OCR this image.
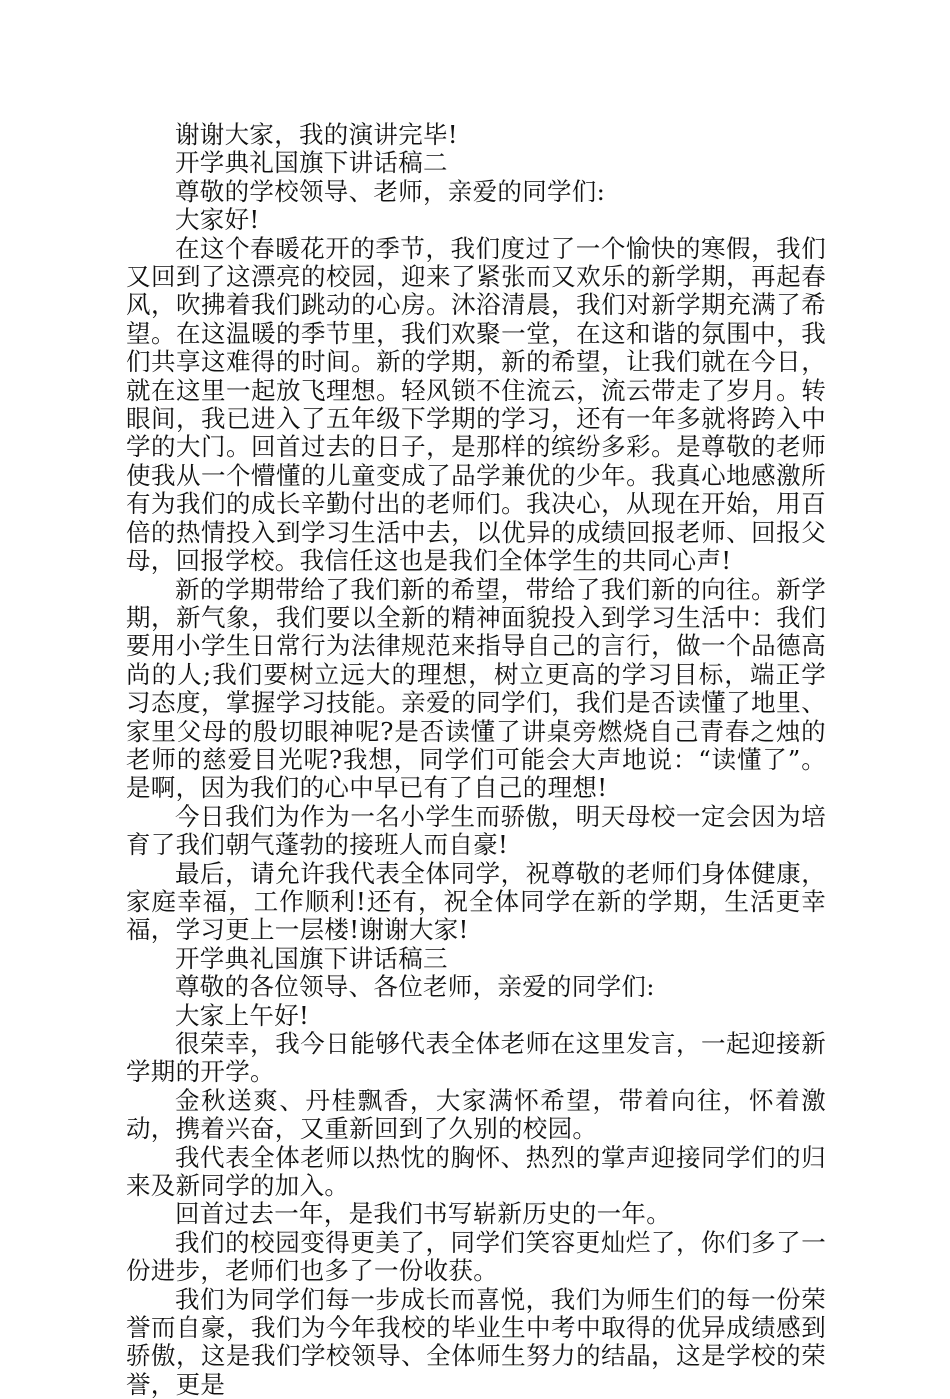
谢谢大家，我的演讲完毕!

开学典礼国旗下讲话稿二

尊敬的学校领导、老师，亲爱的同学们:

大家好!

在这个春暖花开的季节，我们度过了一个愉快的寒假，我们又回到了这漂亮的校园，迎来了紧张而又欢乐的新学期，再起春风，吹拂着我们跳动的心房。沐浴清晨，我们对新学期充满了希望。在这温暖的季节里，我们欢聚一堂，在这和谐的氛围中，我们共享这难得的时间。新的学期，新的希望，让我们就在今日，就在这里一起放飞理想。轻风锁不住流云，流云带走了岁月。转眼间，我已进入了五年级下学期的学习，还有一年多就将跨入中学的大门。回首过去的日子，是那样的缤纷多彩。是尊敬的老师使我从一个懵懂的儿童变成了品学兼优的少年。我真心地感激所有为我们的成长辛勤付出的老师们。我决心，从现在开始，用百倍的热情投入到学习生活中去，以优异的成绩回报老师、回报父母，回报学校。我信任这也是我们全体学生的共同心声!

新的学期带给了我们新的希望，带给了我们新的向往。新学期，新气象，我们要以全新的精神面貌投入到学习生活中：我们要用小学生日常行为法律规范来指导自己的言行，做一个品德高尚的人;我们要树立远大的理想，树立更高的学习目标，端正学习态度，掌握学习技能。亲爱的同学们，我们是否读懂了地里、家里父母的殷切眼神呢?是否读懂了讲桌旁燃烧自己青春之烛的老师的慈爱目光呢?我想，同学们可能会大声地说：“读懂了”。是啊，因为我们的心中早已有了自己的理想!

今日我们为作为一名小学生而骄傲，明天母校一定会因为培育了我们朝气蓬勃的接班人而自豪!

最后，请允许我代表全体同学，祝尊敬的老师们身体健康，家庭幸福，工作顺利!还有，祝全体同学在新的学期，生活更幸福，学习更上一层楼!谢谢大家!

开学典礼国旗下讲话稿三

尊敬的各位领导、各位老师，亲爱的同学们:

大家上午好!

很荣幸，我今日能够代表全体老师在这里发言，一起迎接新学期的开学。

金秋送爽、丹桂飘香，大家满怀希望，带着向往，怀着激动，携着兴奋，又重新回到了久别的校园。

我代表全体老师以热忱的胸怀、热烈的掌声迎接同学们的归来及新同学的加入。

回首过去一年，是我们书写崭新历史的一年。

我们的校园变得更美了，同学们笑容更灿烂了，你们多了一份进步，老师们也多了一份收获。

我们为同学们每一步成长而喜悦，我们为师生们的每一份荣誉而自豪，我们为今年我校的毕业生中考中取得的优异成绩感到骄傲，这是我们学校领导、全体师生努力的结晶，这是学校的荣誉，更是
